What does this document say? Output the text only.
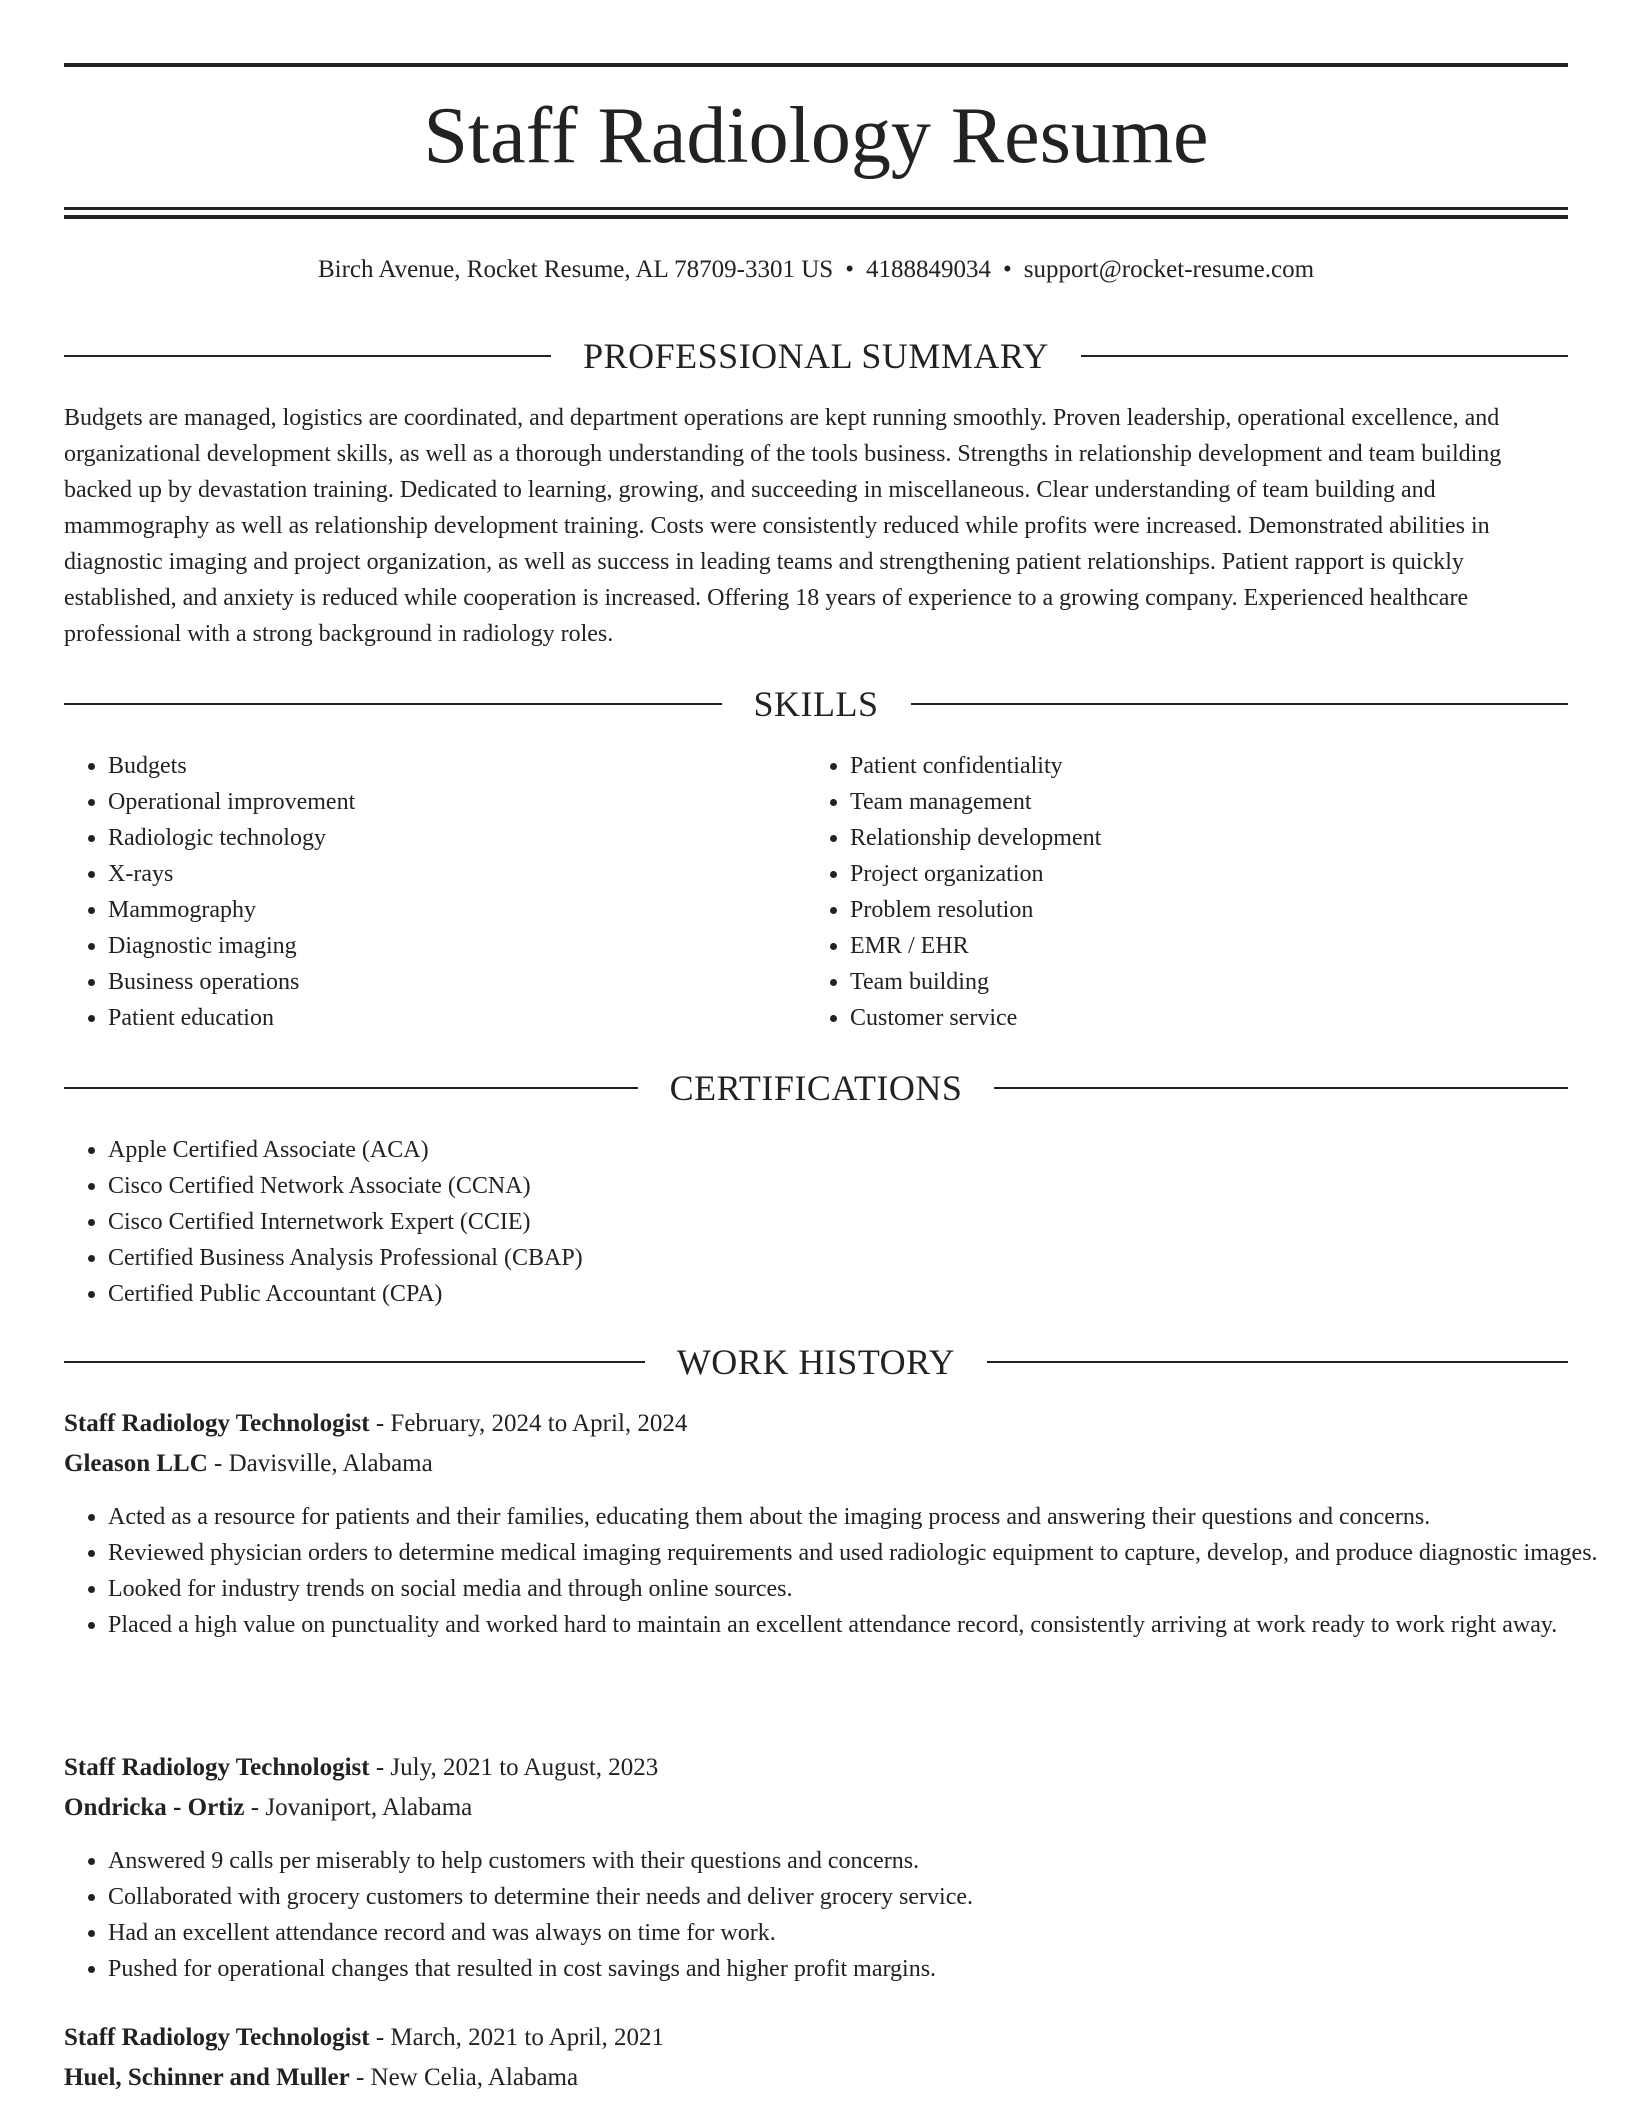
Staff Radiology Resume
Birch Avenue, Rocket Resume, AL 78709-3301 US • 4188849034 • support@rocket-resume.com
PROFESSIONAL SUMMARY

Budgets are managed, logistics are coordinated, and department operations are kept running smoothly. Proven leadership, operational excellence, and organizational development skills, as well as a thorough understanding of the tools business. Strengths in relationship development and team building backed up by devastation training. Dedicated to learning, growing, and succeeding in miscellaneous. Clear understanding of team building and mammography as well as relationship development training. Costs were consistently reduced while profits were increased. Demonstrated abilities in diagnostic imaging and project organization, as well as success in leading teams and strengthening patient relationships. Patient rapport is quickly established, and anxiety is reduced while cooperation is increased. Offering 18 years of experience to a growing company. Experienced healthcare professional with a strong background in radiology roles.

SKILLS
• Budgets
• Operational improvement
• Radiologic technology
• X-rays
• Mammography
• Diagnostic imaging
• Business operations
• Patient education
• Patient confidentiality
• Team management
• Relationship development
• Project organization
• Problem resolution
• EMR / EHR
• Team building
• Customer service
CERTIFICATIONS
• Apple Certified Associate (ACA)
• Cisco Certified Network Associate (CCNA)
• Cisco Certified Internetwork Expert (CCIE)
• Certified Business Analysis Professional (CBAP)
• Certified Public Accountant (CPA)
WORK HISTORY
Staff Radiology Technologist - February, 2024 to April, 2024
Gleason LLC - Davisville, Alabama
• Acted as a resource for patients and their families, educating them about the imaging process and answering their questions and concerns.
• Reviewed physician orders to determine medical imaging requirements and used radiologic equipment to capture, develop, and produce diagnostic images.
• Looked for industry trends on social media and through online sources.
• Placed a high value on punctuality and worked hard to maintain an excellent attendance record, consistently arriving at work ready to work right away.
Staff Radiology Technologist - July, 2021 to August, 2023
Ondricka - Ortiz - Jovaniport, Alabama
• Answered 9 calls per miserably to help customers with their questions and concerns.
• Collaborated with grocery customers to determine their needs and deliver grocery service.
• Had an excellent attendance record and was always on time for work.
• Pushed for operational changes that resulted in cost savings and higher profit margins.
Staff Radiology Technologist - March, 2021 to April, 2021
Huel, Schinner and Muller - New Celia, Alabama
